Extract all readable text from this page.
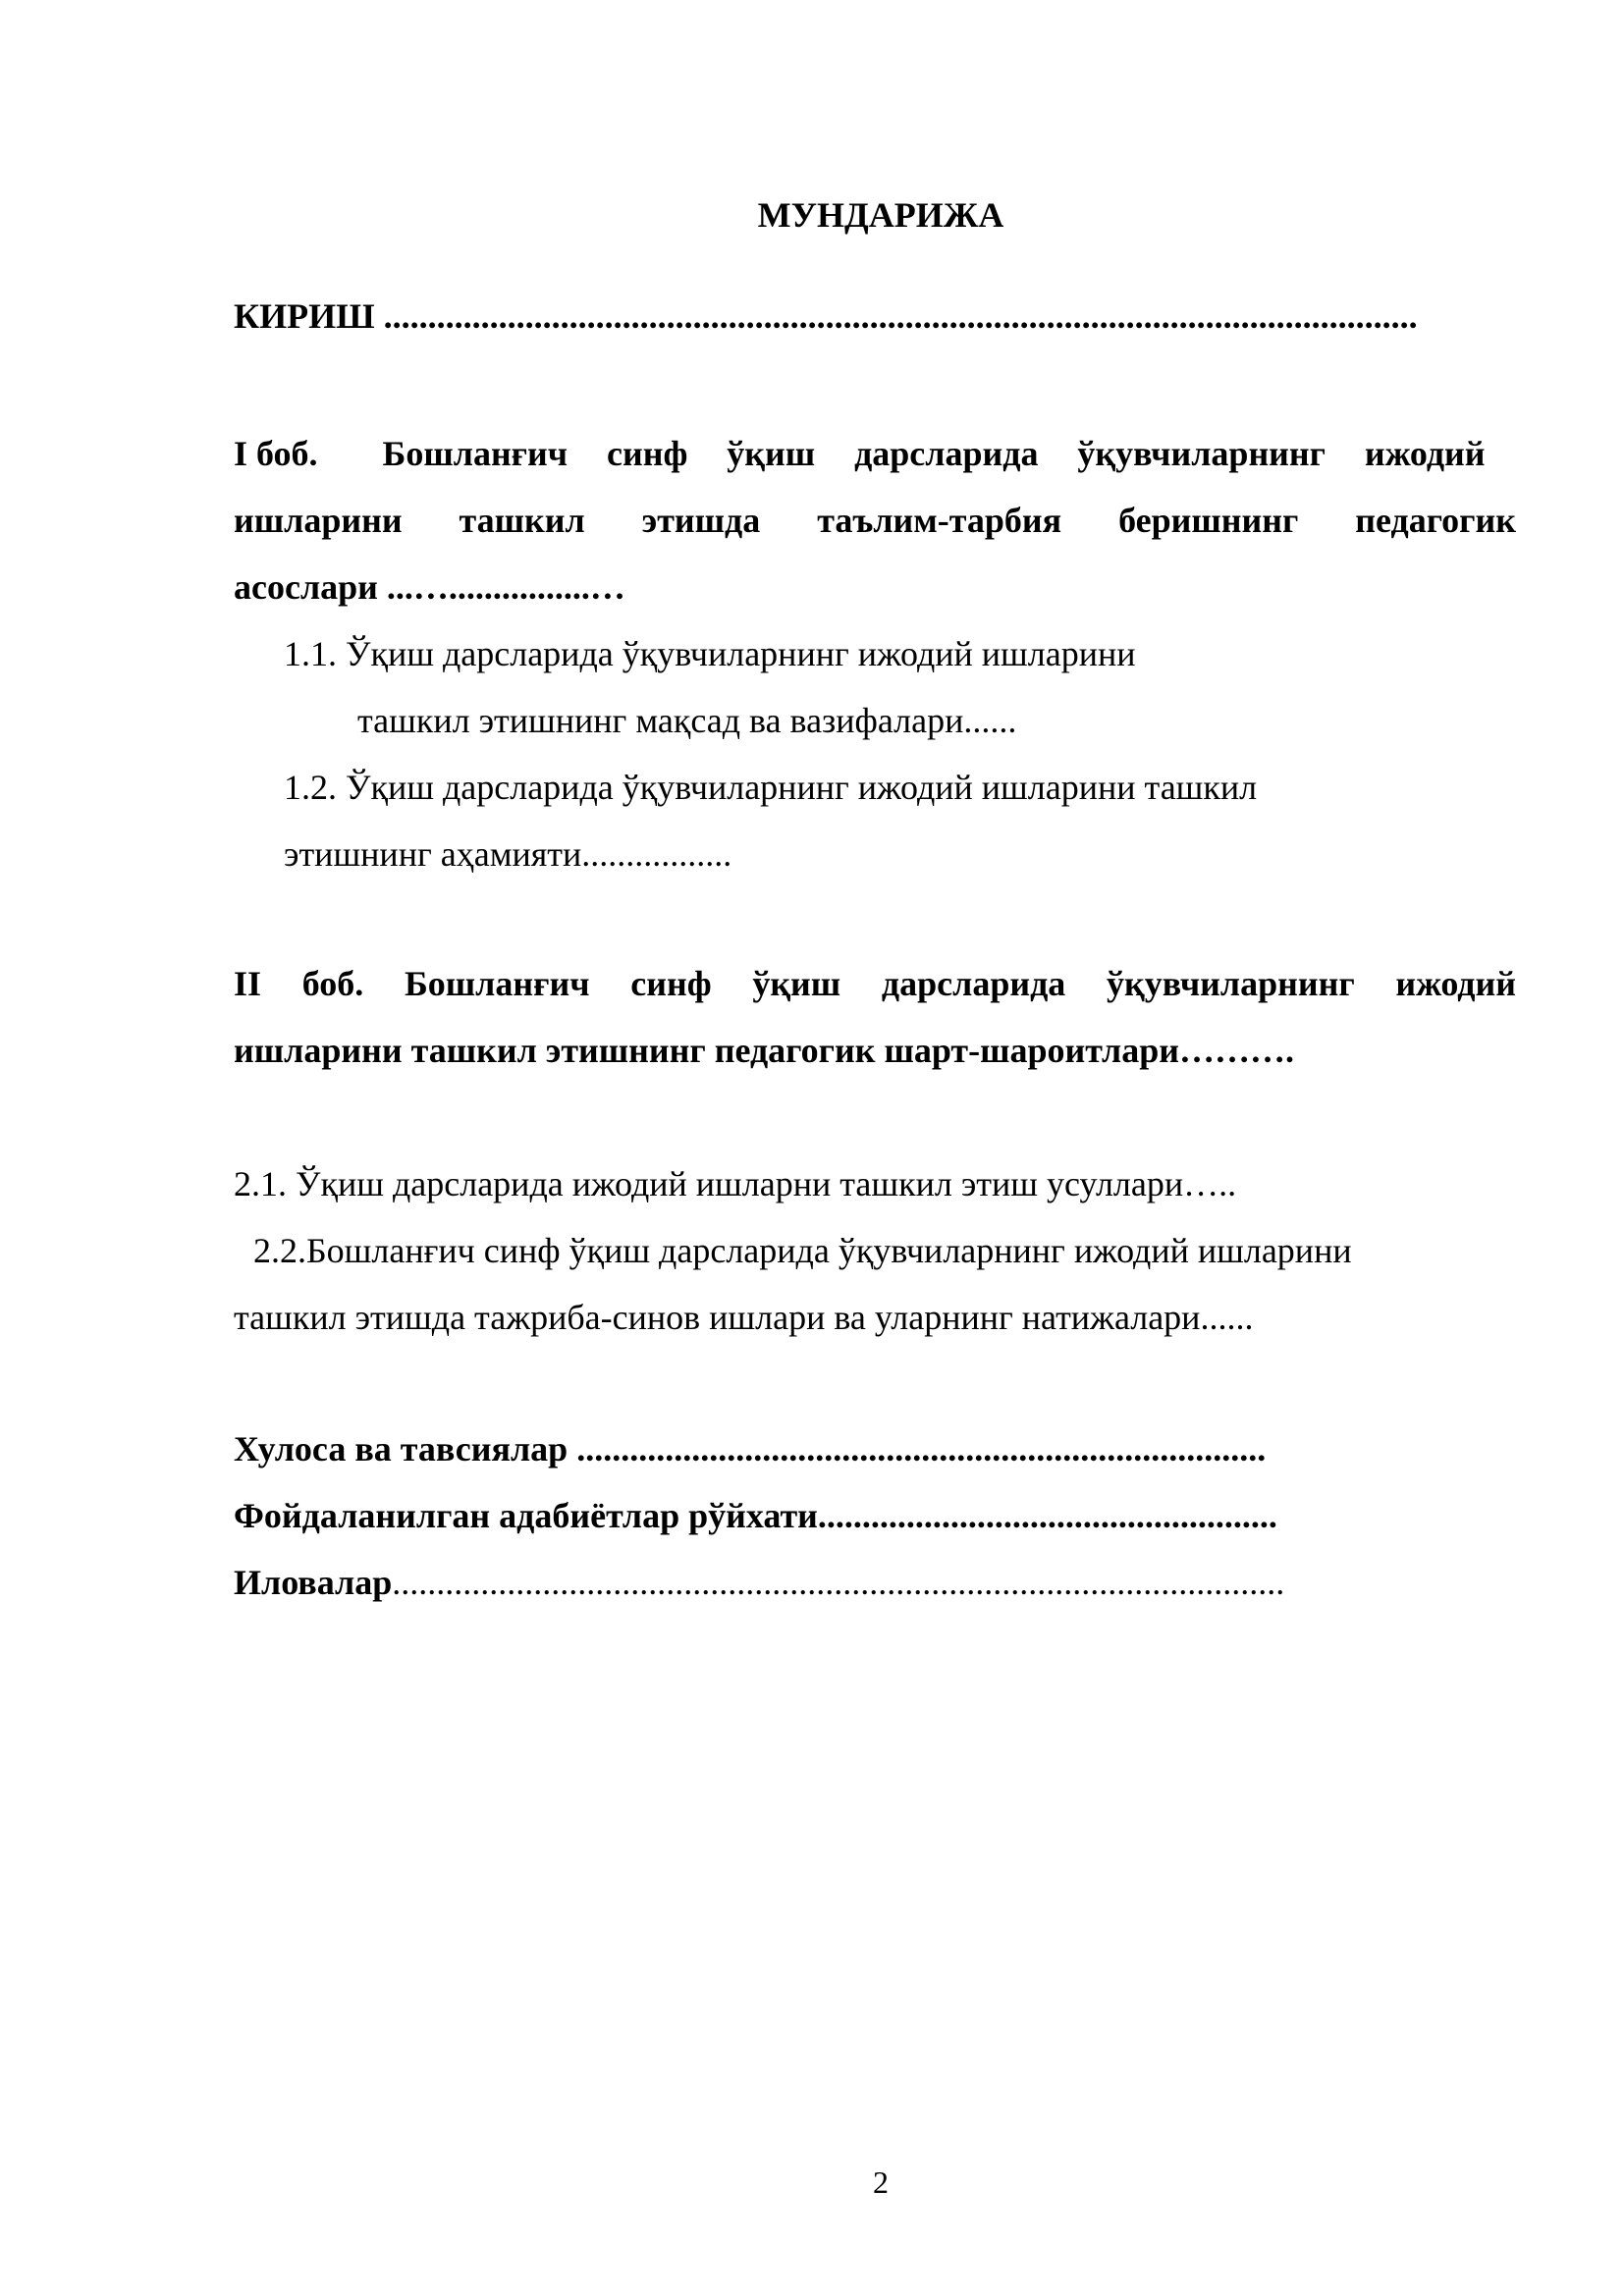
МУНДАРИЖА
КИРИШ .....................................................................................................................
І боб. Бошланғич синф ўқиш дарсларида ўқувчиларнинг ижодий
ишларини ташкил этишда таълим-тарбия беришнинг педагогик
асослари ...…................…
1.1. Ўқиш дарсларида ўқувчиларнинг ижодий ишларини
ташкил этишнинг мақсад ва вазифалари......
1.2. Ўқиш дарсларида ўқувчиларнинг ижодий ишларини ташкил
этишнинг аҳамияти.................
ІІ боб. Бошланғич синф ўқиш дарсларида ўқувчиларнинг ижодий
ишларини ташкил этишнинг педагогик шарт-шароитлари……….
2.1. Ўқиш дарсларида ижодий ишларни ташкил этиш усуллари…..
2.2.Бошланғич синф ўқиш дарсларида ўқувчиларнинг ижодий ишларини
ташкил этишда тажриба-синов ишлари ва уларнинг натижалари......
Хулоса ва тавсиялар ..............................................................................
Фойдаланилган адабиётлар рўйхати....................................................
Иловалар.....................................................................................................
2
